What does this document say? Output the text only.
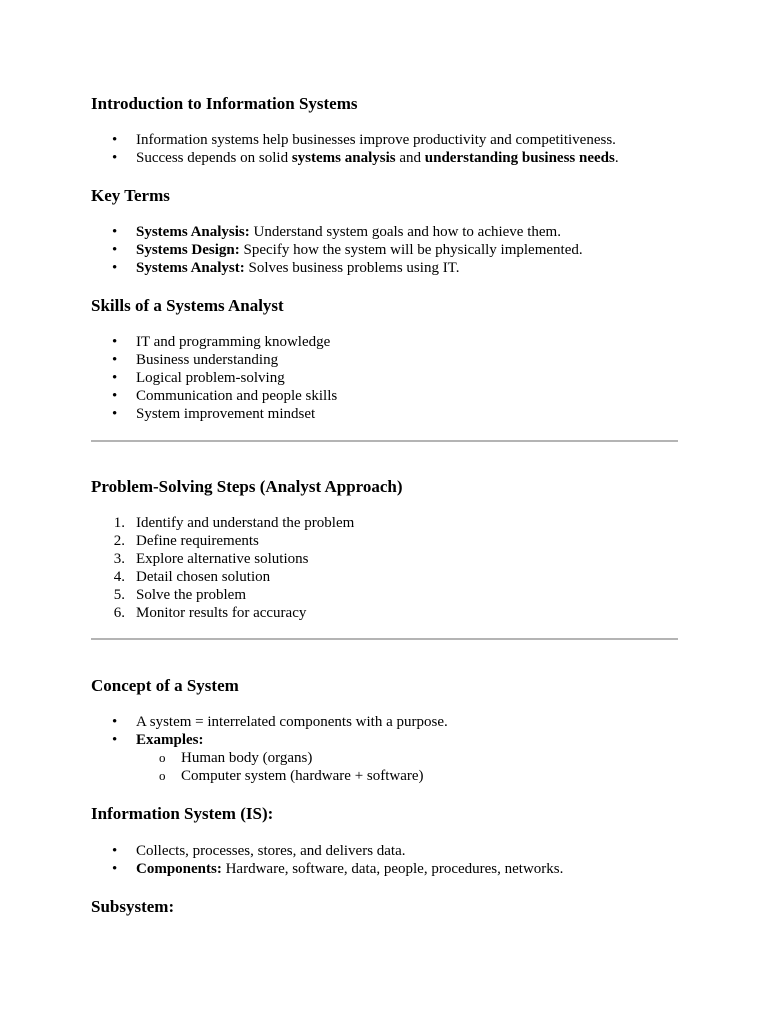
Introduction to Information Systems
• Information systems help businesses improve productivity and competitiveness.
• Success depends on solid systems analysis and understanding business needs.
Key Terms
• Systems Analysis: Understand system goals and how to achieve them.
• Systems Design: Specify how the system will be physically implemented.
• Systems Analyst: Solves business problems using IT.
Skills of a Systems Analyst
• IT and programming knowledge
• Business understanding
• Logical problem-solving
• Communication and people skills
• System improvement mindset
Problem-Solving Steps (Analyst Approach)
1. Identify and understand the problem
2. Define requirements
3. Explore alternative solutions
4. Detail chosen solution
5. Solve the problem
6. Monitor results for accuracy
Concept of a System
• A system = interrelated components with a purpose.
• Examples:
o Human body (organs)
o Computer system (hardware + software)
Information System (IS):
• Collects, processes, stores, and delivers data.
• Components: Hardware, software, data, people, procedures, networks.
Subsystem:
